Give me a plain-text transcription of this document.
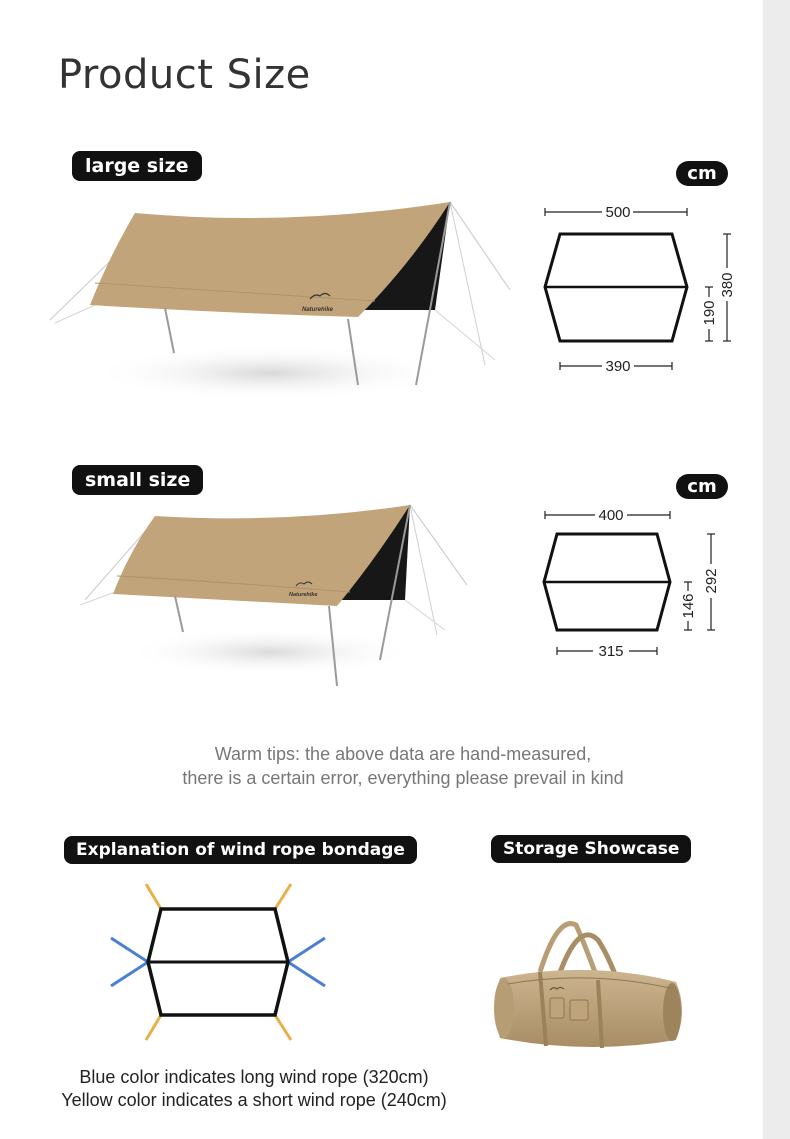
Product Size
large size	cm
Naturehike
500
390
190
380
small size	cm
Naturehike
400
315
146
292
Warm tips: the above data are hand-measured,
there is a certain error, everything please prevail in kind
Explanation of wind rope bondage	Storage Showcase
Blue color indicates long wind rope (320cm)
Yellow color indicates a short wind rope (240cm)
